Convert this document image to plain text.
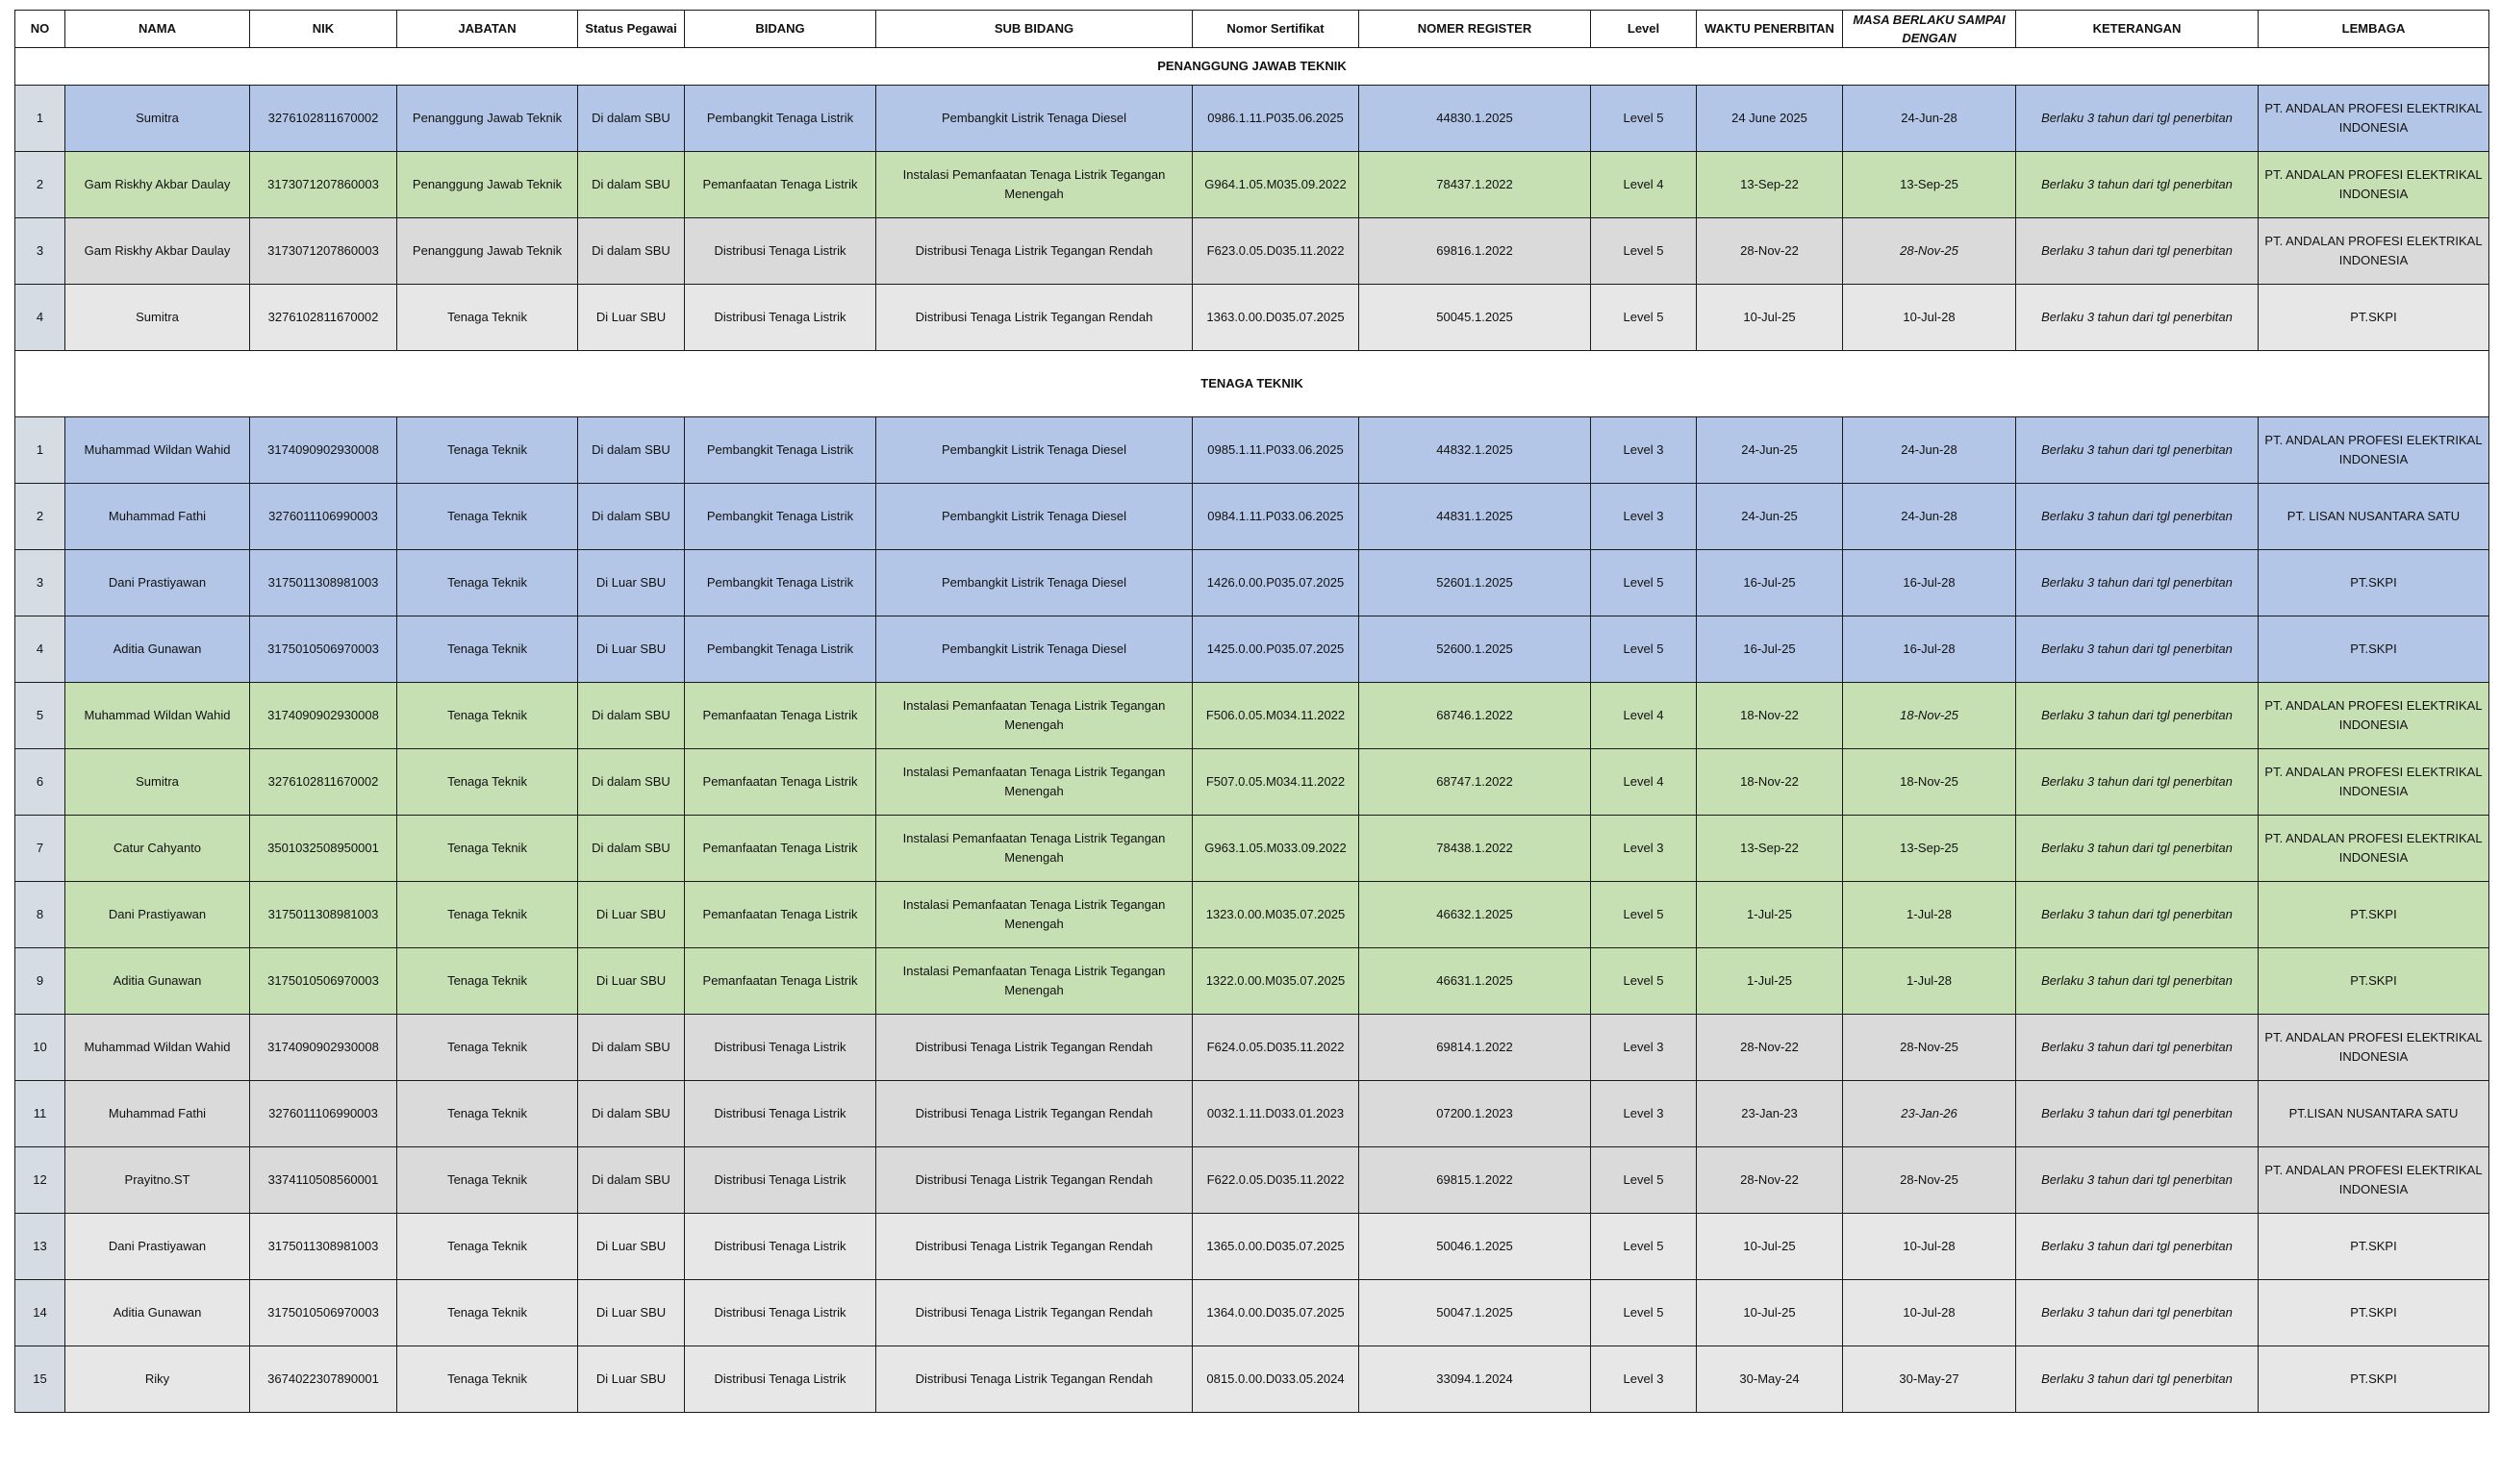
NO	NAMA	NIK	JABATAN	Status Pegawai	BIDANG	SUB BIDANG	Nomor Sertifikat	NOMER REGISTER	Level	WAKTU PENERBITAN	MASA BERLAKU SAMPAI DENGAN	KETERANGAN	LEMBAGA
PENANGGUNG JAWAB TEKNIK													
1	Sumitra	3276102811670002	Penanggung Jawab Teknik	Di dalam SBU	Pembangkit Tenaga Listrik	Pembangkit Listrik Tenaga Diesel	0986.1.11.P035.06.2025	44830.1.2025	Level 5	24 June 2025	24-Jun-28	Berlaku 3 tahun dari tgl penerbitan	PT. ANDALAN PROFESI ELEKTRIKAL INDONESIA
2	Gam Riskhy Akbar Daulay	3173071207860003	Penanggung Jawab Teknik	Di dalam SBU	Pemanfaatan Tenaga Listrik	Instalasi Pemanfaatan Tenaga Listrik Tegangan Menengah	G964.1.05.M035.09.2022	78437.1.2022	Level 4	13-Sep-22	13-Sep-25	Berlaku 3 tahun dari tgl penerbitan	PT. ANDALAN PROFESI ELEKTRIKAL INDONESIA
3	Gam Riskhy Akbar Daulay	3173071207860003	Penanggung Jawab Teknik	Di dalam SBU	Distribusi Tenaga Listrik	Distribusi Tenaga Listrik Tegangan Rendah	F623.0.05.D035.11.2022	69816.1.2022	Level 5	28-Nov-22	28-Nov-25	Berlaku 3 tahun dari tgl penerbitan	PT. ANDALAN PROFESI ELEKTRIKAL INDONESIA
4	Sumitra	3276102811670002	Tenaga Teknik	Di Luar SBU	Distribusi Tenaga Listrik	Distribusi Tenaga Listrik Tegangan Rendah	1363.0.00.D035.07.2025	50045.1.2025	Level 5	10-Jul-25	10-Jul-28	Berlaku 3 tahun dari tgl penerbitan	PT.SKPI
TENAGA TEKNIK													
1	Muhammad Wildan Wahid	3174090902930008	Tenaga Teknik	Di dalam SBU	Pembangkit Tenaga Listrik	Pembangkit Listrik Tenaga Diesel	0985.1.11.P033.06.2025	44832.1.2025	Level 3	24-Jun-25	24-Jun-28	Berlaku 3 tahun dari tgl penerbitan	PT. ANDALAN PROFESI ELEKTRIKAL INDONESIA
2	Muhammad Fathi	3276011106990003	Tenaga Teknik	Di dalam SBU	Pembangkit Tenaga Listrik	Pembangkit Listrik Tenaga Diesel	0984.1.11.P033.06.2025	44831.1.2025	Level 3	24-Jun-25	24-Jun-28	Berlaku 3 tahun dari tgl penerbitan	PT. LISAN NUSANTARA SATU
3	Dani Prastiyawan	3175011308981003	Tenaga Teknik	Di Luar SBU	Pembangkit Tenaga Listrik	Pembangkit Listrik Tenaga Diesel	1426.0.00.P035.07.2025	52601.1.2025	Level 5	16-Jul-25	16-Jul-28	Berlaku 3 tahun dari tgl penerbitan	PT.SKPI
4	Aditia Gunawan	3175010506970003	Tenaga Teknik	Di Luar SBU	Pembangkit Tenaga Listrik	Pembangkit Listrik Tenaga Diesel	1425.0.00.P035.07.2025	52600.1.2025	Level 5	16-Jul-25	16-Jul-28	Berlaku 3 tahun dari tgl penerbitan	PT.SKPI
5	Muhammad Wildan Wahid	3174090902930008	Tenaga Teknik	Di dalam SBU	Pemanfaatan Tenaga Listrik	Instalasi Pemanfaatan Tenaga Listrik Tegangan Menengah	F506.0.05.M034.11.2022	68746.1.2022	Level 4	18-Nov-22	18-Nov-25	Berlaku 3 tahun dari tgl penerbitan	PT. ANDALAN PROFESI ELEKTRIKAL INDONESIA
6	Sumitra	3276102811670002	Tenaga Teknik	Di dalam SBU	Pemanfaatan Tenaga Listrik	Instalasi Pemanfaatan Tenaga Listrik Tegangan Menengah	F507.0.05.M034.11.2022	68747.1.2022	Level 4	18-Nov-22	18-Nov-25	Berlaku 3 tahun dari tgl penerbitan	PT. ANDALAN PROFESI ELEKTRIKAL INDONESIA
7	Catur Cahyanto	3501032508950001	Tenaga Teknik	Di dalam SBU	Pemanfaatan Tenaga Listrik	Instalasi Pemanfaatan Tenaga Listrik Tegangan Menengah	G963.1.05.M033.09.2022	78438.1.2022	Level 3	13-Sep-22	13-Sep-25	Berlaku 3 tahun dari tgl penerbitan	PT. ANDALAN PROFESI ELEKTRIKAL INDONESIA
8	Dani Prastiyawan	3175011308981003	Tenaga Teknik	Di Luar SBU	Pemanfaatan Tenaga Listrik	Instalasi Pemanfaatan Tenaga Listrik Tegangan Menengah	1323.0.00.M035.07.2025	46632.1.2025	Level 5	1-Jul-25	1-Jul-28	Berlaku 3 tahun dari tgl penerbitan	PT.SKPI
9	Aditia Gunawan	3175010506970003	Tenaga Teknik	Di Luar SBU	Pemanfaatan Tenaga Listrik	Instalasi Pemanfaatan Tenaga Listrik Tegangan Menengah	1322.0.00.M035.07.2025	46631.1.2025	Level 5	1-Jul-25	1-Jul-28	Berlaku 3 tahun dari tgl penerbitan	PT.SKPI
10	Muhammad Wildan Wahid	3174090902930008	Tenaga Teknik	Di dalam SBU	Distribusi Tenaga Listrik	Distribusi Tenaga Listrik Tegangan Rendah	F624.0.05.D035.11.2022	69814.1.2022	Level 3	28-Nov-22	28-Nov-25	Berlaku 3 tahun dari tgl penerbitan	PT. ANDALAN PROFESI ELEKTRIKAL INDONESIA
11	Muhammad Fathi	3276011106990003	Tenaga Teknik	Di dalam SBU	Distribusi Tenaga Listrik	Distribusi Tenaga Listrik Tegangan Rendah	0032.1.11.D033.01.2023	07200.1.2023	Level 3	23-Jan-23	23-Jan-26	Berlaku 3 tahun dari tgl penerbitan	PT.LISAN NUSANTARA SATU
12	Prayitno.ST	3374110508560001	Tenaga Teknik	Di dalam SBU	Distribusi Tenaga Listrik	Distribusi Tenaga Listrik Tegangan Rendah	F622.0.05.D035.11.2022	69815.1.2022	Level 5	28-Nov-22	28-Nov-25	Berlaku 3 tahun dari tgl penerbitan	PT. ANDALAN PROFESI ELEKTRIKAL INDONESIA
13	Dani Prastiyawan	3175011308981003	Tenaga Teknik	Di Luar SBU	Distribusi Tenaga Listrik	Distribusi Tenaga Listrik Tegangan Rendah	1365.0.00.D035.07.2025	50046.1.2025	Level 5	10-Jul-25	10-Jul-28	Berlaku 3 tahun dari tgl penerbitan	PT.SKPI
14	Aditia Gunawan	3175010506970003	Tenaga Teknik	Di Luar SBU	Distribusi Tenaga Listrik	Distribusi Tenaga Listrik Tegangan Rendah	1364.0.00.D035.07.2025	50047.1.2025	Level 5	10-Jul-25	10-Jul-28	Berlaku 3 tahun dari tgl penerbitan	PT.SKPI
15	Riky	3674022307890001	Tenaga Teknik	Di Luar SBU	Distribusi Tenaga Listrik	Distribusi Tenaga Listrik Tegangan Rendah	0815.0.00.D033.05.2024	33094.1.2024	Level 3	30-May-24	30-May-27	Berlaku 3 tahun dari tgl penerbitan	PT.SKPI
